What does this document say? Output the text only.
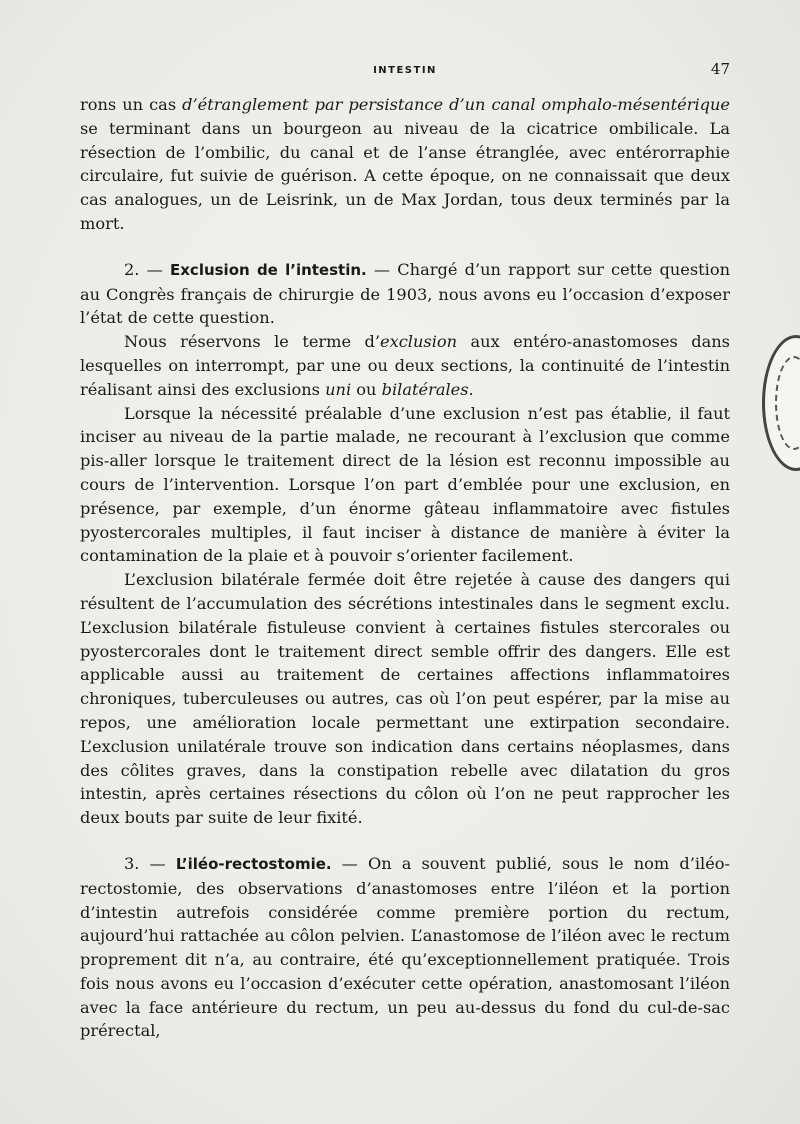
INTESTIN	47

rons un cas d’étranglement par persistance d’un canal omphalo-mésentérique se terminant dans un bourgeon au niveau de la cicatrice ombilicale. La résection de l’ombilic, du canal et de l’anse étranglée, avec entérorraphie circulaire, fut suivie de guérison. A cette époque, on ne connaissait que deux cas analogues, un de Leisrink, un de Max Jordan, tous deux terminés par la mort.

2. — Exclusion de l’intestin. — Chargé d’un rapport sur cette question au Congrès français de chirurgie de 1903, nous avons eu l’occasion d’exposer l’état de cette question.

Nous réservons le terme d’exclusion aux entéro-anastomoses dans lesquelles on interrompt, par une ou deux sections, la continuité de l’intestin réalisant ainsi des exclusions uni ou bilatérales.

Lorsque la nécessité préalable d’une exclusion n’est pas établie, il faut inciser au niveau de la partie malade, ne recourant à l’exclusion que comme pis-aller lorsque le traitement direct de la lésion est reconnu impossible au cours de l’intervention. Lorsque l’on part d’emblée pour une exclusion, en présence, par exemple, d’un énorme gâteau inflammatoire avec fistules pyostercorales multiples, il faut inciser à distance de manière à éviter la contamination de la plaie et à pouvoir s’orienter facilement.

L’exclusion bilatérale fermée doit être rejetée à cause des dangers qui résultent de l’accumulation des sécrétions intestinales dans le segment exclu. L’exclusion bilatérale fistuleuse convient à certaines fistules stercorales ou pyostercorales dont le traitement direct semble offrir des dangers. Elle est applicable aussi au traitement de certaines affections inflammatoires chroniques, tuberculeuses ou autres, cas où l’on peut espérer, par la mise au repos, une amélioration locale permettant une extirpation secondaire. L’exclusion unilatérale trouve son indication dans certains néoplasmes, dans des côlites graves, dans la constipation rebelle avec dilatation du gros intestin, après certaines résections du côlon où l’on ne peut rapprocher les deux bouts par suite de leur fixité.

3. — L’iléo-rectostomie. — On a souvent publié, sous le nom d’iléo-rectostomie, des observations d’anastomoses entre l’iléon et la portion d’intestin autrefois considérée comme première portion du rectum, aujourd’hui rattachée au côlon pelvien. L’anastomose de l’iléon avec le rectum proprement dit n’a, au contraire, été qu’exceptionnellement pratiquée. Trois fois nous avons eu l’occasion d’exécuter cette opération, anastomosant l’iléon avec la face antérieure du rectum, un peu au-dessus du fond du cul-de-sac prérectal,
